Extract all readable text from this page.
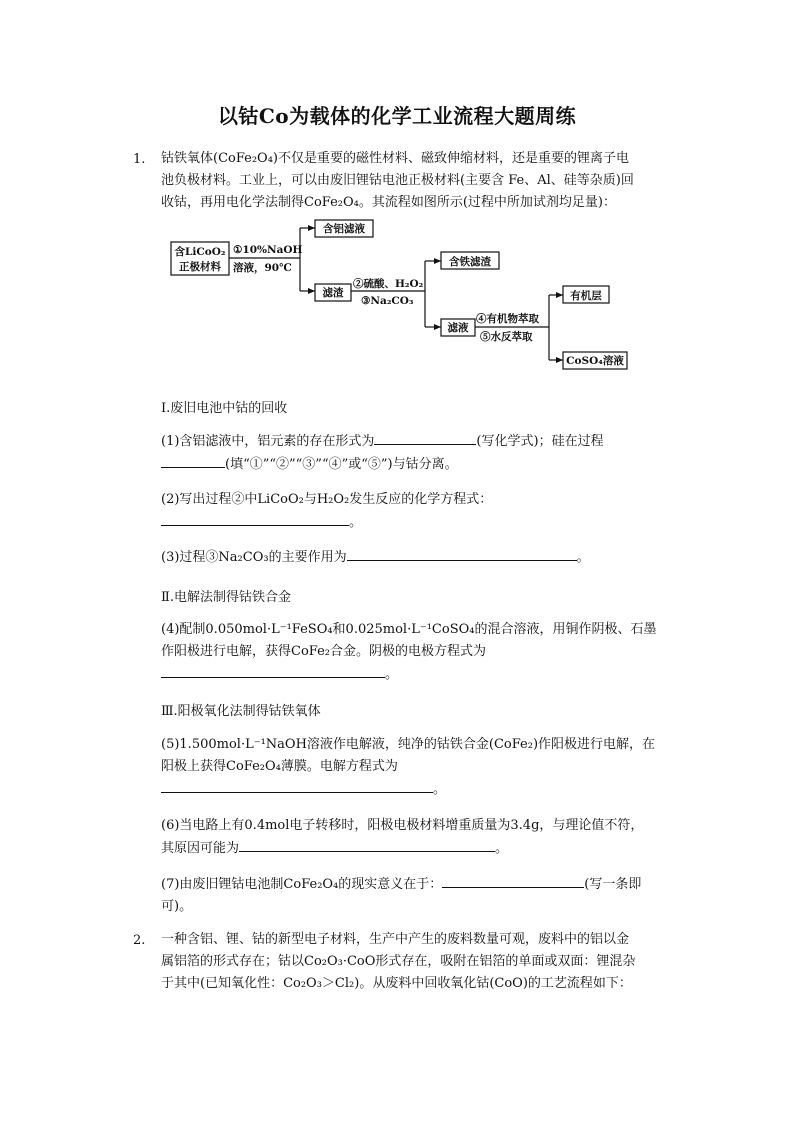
以钴Co为载体的化学工业流程大题周练
1. 钴铁氧体(CoFe₂O₄)不仅是重要的磁性材料、磁致伸缩材料，还是重要的锂离子电
池负极材料。工业上，可以由废旧锂钴电池正极材料(主要含 Fe、Al、硅等杂质)回
收钴，再用电化学法制得CoFe₂O₄。其流程如图所示(过程中所加试剂均足量)：
含LiCoO₂
正极材料
①10%NaOH
溶液，90℃
含铝滤液
滤渣
②硫酸、H₂O₂
③Na₂CO₃
含铁滤渣
滤液
④有机物萃取
⑤水反萃取
有机层
CoSO₄溶液
Ⅰ.废旧电池中钴的回收
(1)含铝滤液中，铝元素的存在形式为	(写化学式)；硅在过程
(填“①”“②”“③”“④”或“⑤”)与钴分离。
(2)写出过程②中LiCoO₂与H₂O₂发生反应的化学方程式：
。
(3)过程③Na₂CO₃的主要作用为	。
Ⅱ.电解法制得钴铁合金
(4)配制0.050mol·L⁻¹FeSO₄和0.025mol·L⁻¹CoSO₄的混合溶液，用铜作阴极、石墨
作阳极进行电解，获得CoFe₂合金。阴极的电极方程式为
。
Ⅲ.阳极氧化法制得钴铁氧体
(5)1.500mol·L⁻¹NaOH溶液作电解液，纯净的钴铁合金(CoFe₂)作阳极进行电解，在
阳极上获得CoFe₂O₄薄膜。电解方程式为
。
(6)当电路上有0.4mol电子转移时，阳极电极材料增重质量为3.4g，与理论值不符，
其原因可能为	。
(7)由废旧锂钴电池制CoFe₂O₄的现实意义在于：	(写一条即
可)。
2. 一种含铝、锂、钴的新型电子材料，生产中产生的废料数量可观，废料中的铝以金
属铝箔的形式存在；钴以Co₂O₃·CoO形式存在，吸附在铝箔的单面或双面：锂混杂
于其中(已知氧化性：Co₂O₃＞Cl₂)。从废料中回收氧化钴(CoO)的工艺流程如下：
